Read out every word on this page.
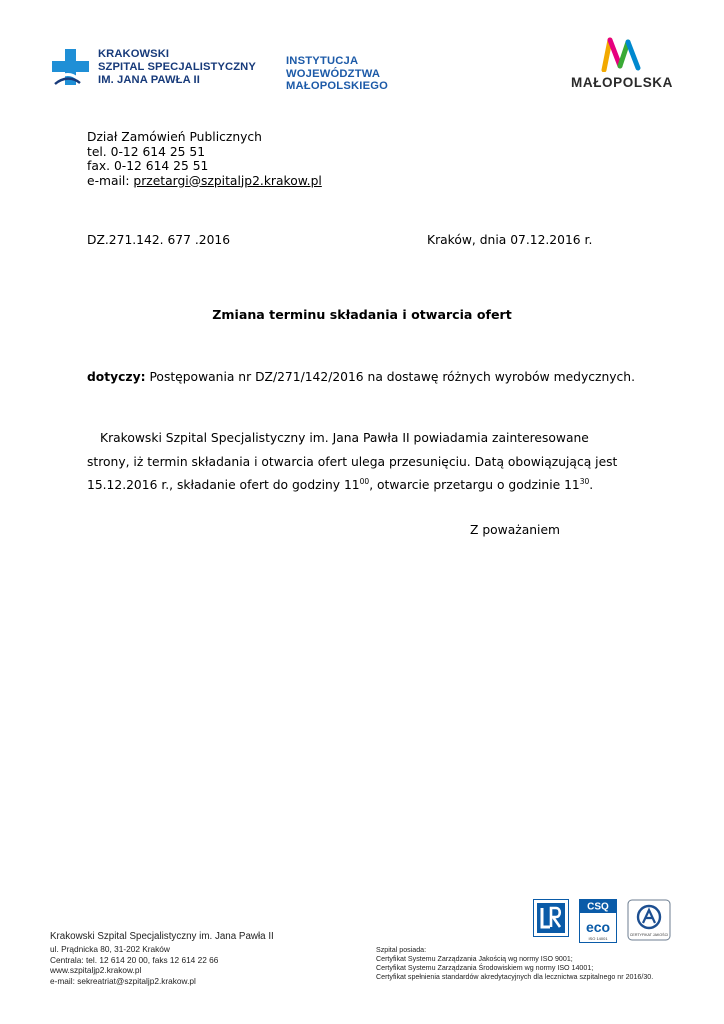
KRAKOWSKI
SZPITAL SPECJALISTYCZNY
IM. JANA PAWŁA II
INSTYTUCJA
WOJEWÓDZTWA
MAŁOPOLSKIEGO	MAŁOPOLSKA
Dział Zamówień Publicznych
tel. 0-12 614 25 51
fax. 0-12 614 25 51
e-mail: przetargi@szpitaljp2.krakow.pl
DZ.271.142. 677 .2016	Kraków, dnia 07.12.2016 r.
Zmiana terminu składania i otwarcia ofert
dotyczy: Postępowania nr DZ/271/142/2016 na dostawę różnych wyrobów medycznych.
Krakowski Szpital Specjalistyczny im. Jana Pawła II powiadamia zainteresowane
strony, iż termin składania i otwarcia ofert ulega przesunięciu. Datą obowiązującą jest
15.12.2016 r., składanie ofert do godziny $11^{00}$, otwarcie przetargu o godzinie $11^{30}$.
Z poważaniem
Krakowski Szpital Specjalistyczny im. Jana Pawła II
ul. Prądnicka 80, 31-202 Kraków
Centrala: tel. 12 614 20 00, faks 12 614 22 66
www.szpitaljp2.krakow.pl
e-mail: sekreatriat@szpitaljp2.krakow.pl
CSQ
eco
ISO 14001
CERTYFIKAT JAKOŚCI
Szpital posiada:
Certyfikat Systemu Zarządzania Jakością wg normy ISO 9001;
Certyfikat Systemu Zarządzania Środowiskiem wg normy ISO 14001;
Certyfikat spełnienia standardów akredytacyjnych dla lecznictwa szpitalnego nr 2016/30.
